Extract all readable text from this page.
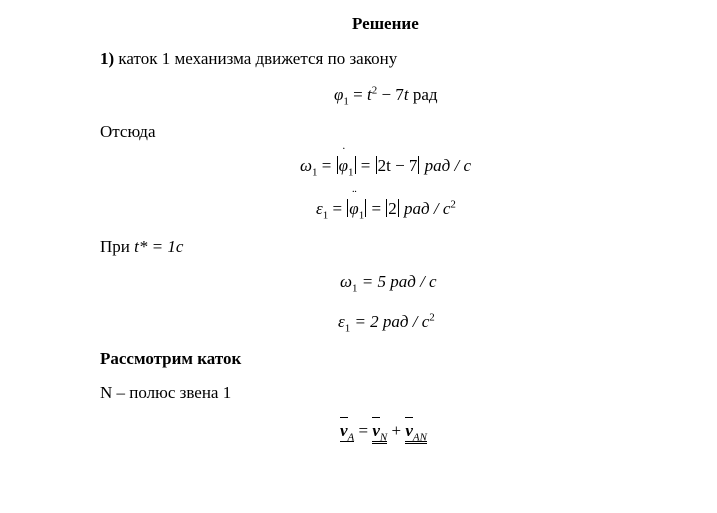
Решение
1) каток 1 механизма движется по закону
$\varphi_1 = t^2 - 7t$ рад
Отсюда
$\omega_1 = \varphi$
˙
$_1$ = 2t − 7 рад / с
$\varepsilon_1 = \varphi$
¨
$_1$ = 2 рад / $с^2$
При t* = 1c
$\omega_1 = 5$ рад / с
$\varepsilon_1 = 2$ рад / $с^2$
Рассмотрим каток
N – полюс звена 1
$v_A = v_N + v_{AN}$
